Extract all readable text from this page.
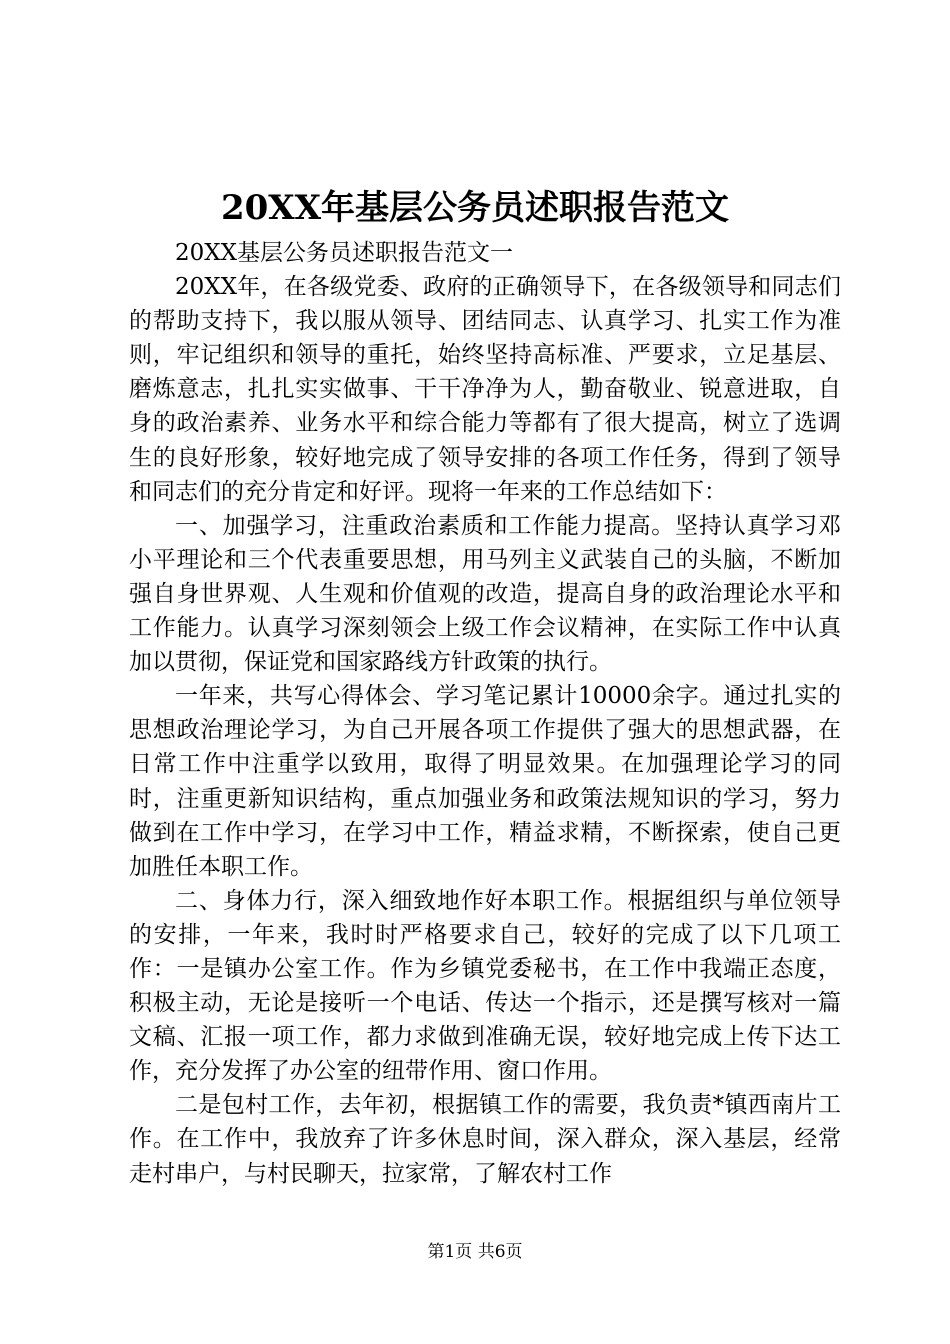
20XX年基层公务员述职报告范文

20XX基层公务员述职报告范文一

20XX年，在各级党委、政府的正确领导下，在各级领导和同志们的帮助支持下，我以服从领导、团结同志、认真学习、扎实工作为准则，牢记组织和领导的重托，始终坚持高标准、严要求，立足基层、磨炼意志，扎扎实实做事、干干净净为人，勤奋敬业、锐意进取，自身的政治素养、业务水平和综合能力等都有了很大提高，树立了选调生的良好形象，较好地完成了领导安排的各项工作任务，得到了领导和同志们的充分肯定和好评。现将一年来的工作总结如下：

一、加强学习，注重政治素质和工作能力提高。坚持认真学习邓小平理论和三个代表重要思想，用马列主义武装自己的头脑，不断加强自身世界观、人生观和价值观的改造，提高自身的政治理论水平和工作能力。认真学习深刻领会上级工作会议精神，在实际工作中认真加以贯彻，保证党和国家路线方针政策的执行。

一年来，共写心得体会、学习笔记累计10000余字。通过扎实的思想政治理论学习，为自己开展各项工作提供了强大的思想武器，在日常工作中注重学以致用，取得了明显效果。在加强理论学习的同时，注重更新知识结构，重点加强业务和政策法规知识的学习，努力做到在工作中学习，在学习中工作，精益求精，不断探索，使自己更加胜任本职工作。

二、身体力行，深入细致地作好本职工作。根据组织与单位领导的安排，一年来，我时时严格要求自己，较好的完成了以下几项工作：一是镇办公室工作。作为乡镇党委秘书，在工作中我端正态度，积极主动，无论是接听一个电话、传达一个指示，还是撰写核对一篇文稿、汇报一项工作，都力求做到准确无误，较好地完成上传下达工作，充分发挥了办公室的纽带作用、窗口作用。

二是包村工作，去年初，根据镇工作的需要，我负责*镇西南片工作。在工作中，我放弃了许多休息时间，深入群众，深入基层，经常走村串户，与村民聊天，拉家常，了解农村工作

第1页 共6页
